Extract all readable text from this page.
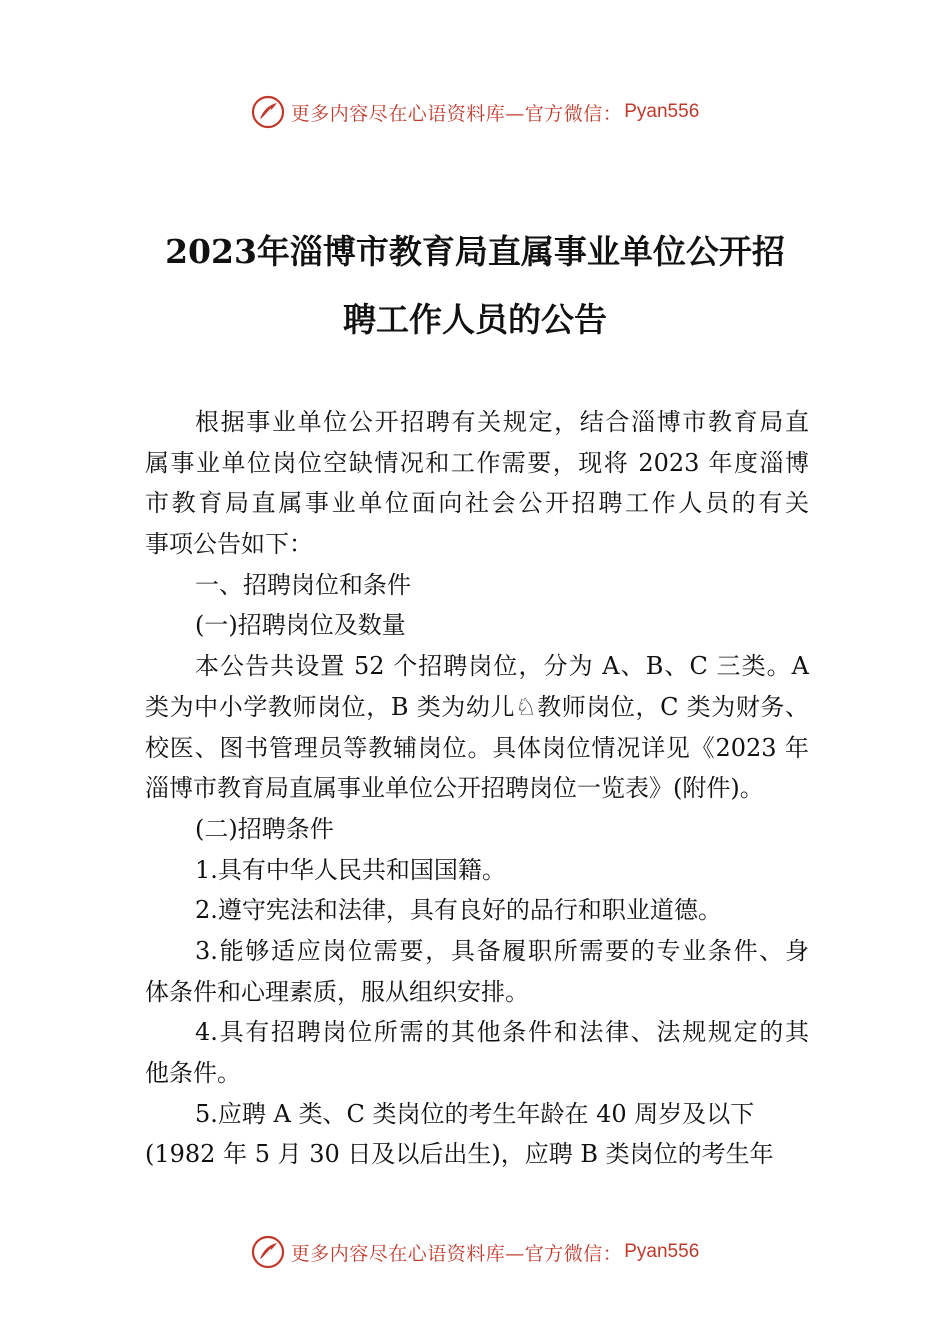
更多内容尽在心语资料库—官方微信： Pyan556
2023年淄博市教育局直属事业单位公开招
聘工作人员的公告
根据事业单位公开招聘有关规定，结合淄博市教育局直
属事业单位岗位空缺情况和工作需要，现将 2023 年度淄博
市教育局直属事业单位面向社会公开招聘工作人员的有关
事项公告如下：
一、招聘岗位和条件
(一)招聘岗位及数量
本公告共设置 52 个招聘岗位，分为 A、B、C 三类。A
类为中小学教师岗位，B 类为幼儿♘教师岗位，C 类为财务、
校医、图书管理员等教辅岗位。具体岗位情况详见《2023 年
淄博市教育局直属事业单位公开招聘岗位一览表》(附件)。
(二)招聘条件
1.具有中华人民共和国国籍。
2.遵守宪法和法律，具有良好的品行和职业道德。
3.能够适应岗位需要，具备履职所需要的专业条件、身
体条件和心理素质，服从组织安排。
4.具有招聘岗位所需的其他条件和法律、法规规定的其
他条件。
5.应聘 A 类、C 类岗位的考生年龄在 40 周岁及以下
(1982 年 5 月 30 日及以后出生)，应聘 B 类岗位的考生年
更多内容尽在心语资料库—官方微信： Pyan556
